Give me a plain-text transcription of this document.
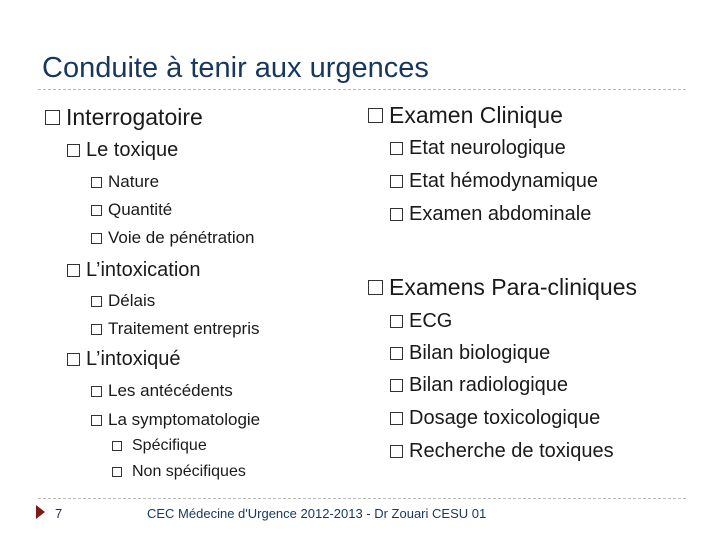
Conduite à tenir aux urgences
Interrogatoire
Le toxique
Nature
Quantité
Voie de pénétration
L’intoxication
Délais
Traitement entrepris
L’intoxiqué
Les antécédents
La symptomatologie
Spécifique
Non spécifiques
Examen Clinique
Etat neurologique
Etat hémodynamique
Examen abdominale
Examens Para-cliniques
ECG
Bilan biologique
Bilan radiologique
Dosage toxicologique
Recherche de toxiques
7	CEC Médecine d'Urgence 2012-2013 - Dr Zouari CESU 01
